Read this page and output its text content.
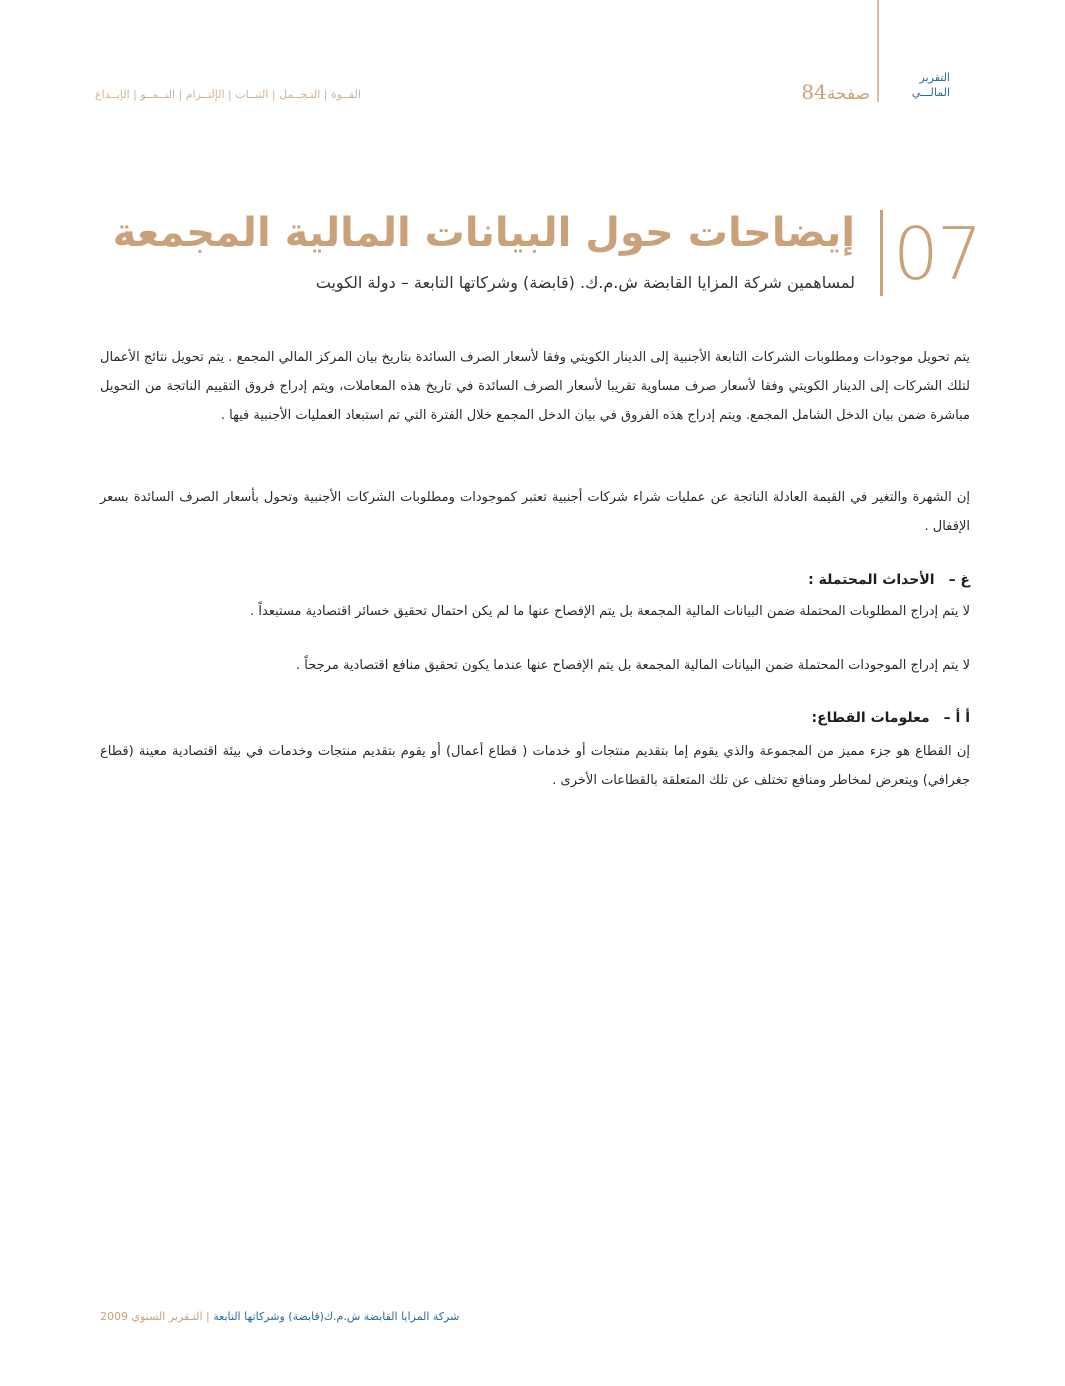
التقرير
المالـــي
صفحة84
القــوة | التـحــمل | الثبــات | الإلتــزام | النــمــو | الإبــداع
07
إيضاحات حول البيانات المالية المجمعة
لمساهمين شركة المزايا القابضة ش.م.ك. (قابضة) وشركاتها التابعة – دولة الكويت
يتم تحويل موجودات ومطلوبات الشركات التابعة الأجنبية إلى الدينار الكويتي وفقا لأسعار الصرف السائدة بتاريخ بيان المركز المالي المجمع . يتم تحويل نتائج الأعمال لتلك الشركات إلى الدينار الكويتي وفقا لأسعار صرف مساوية تقريبا لأسعار الصرف السائدة في تاريخ هذه المعاملات، ويتم إدراج فروق التقييم الناتجة من التحويل مباشرة ضمن بيان الدخل الشامل المجمع. ويتم إدراج هذه الفروق في بيان الدخل المجمع خلال الفترة التي تم استبعاد العمليات الأجنبية فيها .
إن الشهرة والتغير في القيمة العادلة الناتجة عن عمليات شراء شركات أجنبية تعتبر كموجودات ومطلوبات الشركات الأجنبية وتحول بأسعار الصرف السائدة بسعر الإقفال .
غ –الأحداث المحتملة :
لا يتم إدراج المطلوبات المحتملة ضمن البيانات المالية المجمعة بل يتم الإفصاح عنها ما لم يكن احتمال تحقيق خسائر اقتصادية مستبعداً .
لا يتم إدراج الموجودات المحتملة ضمن البيانات المالية المجمعة بل يتم الإفصاح عنها عندما يكون تحقيق منافع اقتصادية مرجحاً .
أ أ –معلومات القطاع:
إن القطاع هو جزء مميز من المجموعة والذي يقوم إما بتقديم منتجات أو خدمات ( قطاع أعمال) أو يقوم بتقديم منتجات وخدمات في بيئة اقتصادية معينة (قطاع جغرافي) ويتعرض لمخاطر ومنافع تختلف عن تلك المتعلقة بالقطاعات الأخرى .
شركة المزايا القابضة ش.م.ك(قابضة) وشركاتها التابعة | التـقرير السنوي 2009
